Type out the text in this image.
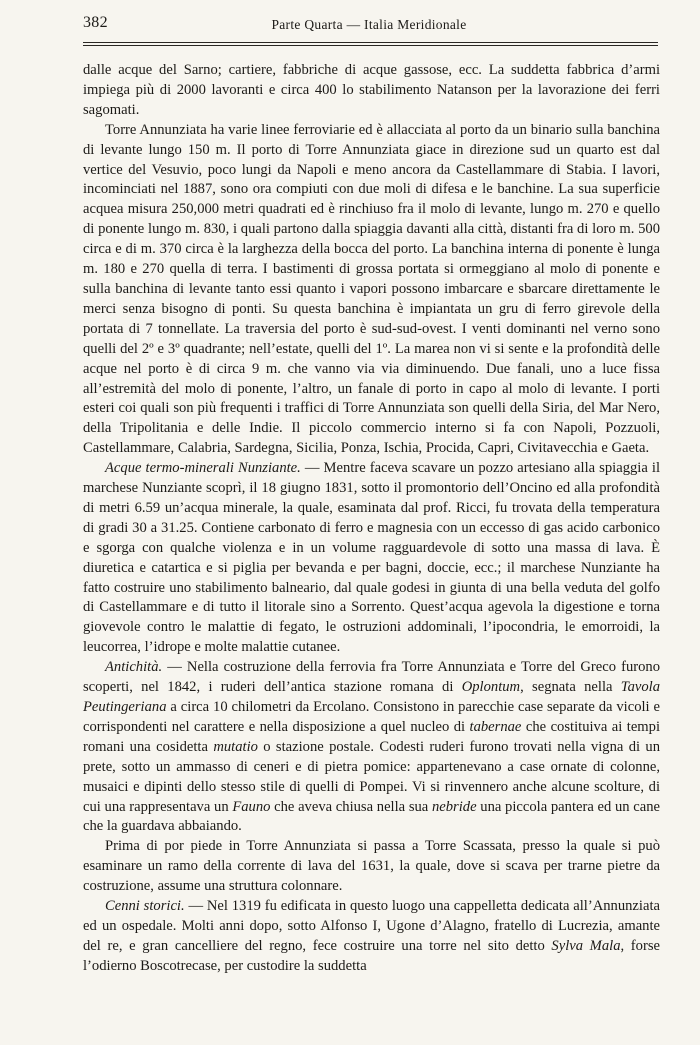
382	Parte Quarta — Italia Meridionale

dalle acque del Sarno; cartiere, fabbriche di acque gassose, ecc. La suddetta fabbrica d’armi impiega più di 2000 lavoranti e circa 400 lo stabilimento Natanson per la lavorazione dei ferri sagomati.

Torre Annunziata ha varie linee ferroviarie ed è allacciata al porto da un binario sulla banchina di levante lungo 150 m. Il porto di Torre Annunziata giace in direzione sud un quarto est dal vertice del Vesuvio, poco lungi da Napoli e meno ancora da Castellammare di Stabia. I lavori, incominciati nel 1887, sono ora compiuti con due moli di difesa e le banchine. La sua superficie acquea misura 250,000 metri quadrati ed è rinchiuso fra il molo di levante, lungo m. 270 e quello di ponente lungo m. 830, i quali partono dalla spiaggia davanti alla città, distanti fra di loro m. 500 circa e di m. 370 circa è la larghezza della bocca del porto. La banchina interna di ponente è lunga m. 180 e 270 quella di terra. I bastimenti di grossa portata si ormeggiano al molo di ponente e sulla banchina di levante tanto essi quanto i vapori possono imbarcare e sbarcare direttamente le merci senza bisogno di ponti. Su questa banchina è impiantata un gru di ferro girevole della portata di 7 tonnellate. La traversia del porto è sud-sud-ovest. I venti dominanti nel verno sono quelli del 2º e 3º quadrante; nell’estate, quelli del 1º. La marea non vi si sente e la profondità delle acque nel porto è di circa 9 m. che vanno via via diminuendo. Due fanali, uno a luce fissa all’estremità del molo di ponente, l’altro, un fanale di porto in capo al molo di levante. I porti esteri coi quali son più frequenti i traffici di Torre Annunziata son quelli della Siria, del Mar Nero, della Tripolitania e delle Indie. Il piccolo commercio interno si fa con Napoli, Pozzuoli, Castellammare, Calabria, Sardegna, Sicilia, Ponza, Ischia, Procida, Capri, Civitavecchia e Gaeta.

Acque termo-minerali Nunziante. — Mentre faceva scavare un pozzo artesiano alla spiaggia il marchese Nunziante scoprì, il 18 giugno 1831, sotto il promontorio dell’Oncino ed alla profondità di metri 6.59 un’acqua minerale, la quale, esaminata dal prof. Ricci, fu trovata della temperatura di gradi 30 a 31.25. Contiene carbonato di ferro e magnesia con un eccesso di gas acido carbonico e sgorga con qualche violenza e in un volume ragguardevole di sotto una massa di lava. È diuretica e catartica e si piglia per bevanda e per bagni, doccie, ecc.; il marchese Nunziante ha fatto costruire uno stabilimento balneario, dal quale godesi in giunta di una bella veduta del golfo di Castellammare e di tutto il litorale sino a Sorrento. Quest’acqua agevola la digestione e torna giovevole contro le malattie di fegato, le ostruzioni addominali, l’ipocondria, le emorroidi, la leucorrea, l’idrope e molte malattie cutanee.

Antichità. — Nella costruzione della ferrovia fra Torre Annunziata e Torre del Greco furono scoperti, nel 1842, i ruderi dell’antica stazione romana di Oplontum, segnata nella Tavola Peutingeriana a circa 10 chilometri da Ercolano. Consistono in parecchie case separate da vicoli e corrispondenti nel carattere e nella disposizione a quel nucleo di tabernae che costituiva ai tempi romani una cosidetta mutatio o stazione postale. Codesti ruderi furono trovati nella vigna di un prete, sotto un ammasso di ceneri e di pietra pomice: appartenevano a case ornate di colonne, musaici e dipinti dello stesso stile di quelli di Pompei. Vi si rinvennero anche alcune scolture, di cui una rappresentava un Fauno che aveva chiusa nella sua nebride una piccola pantera ed un cane che la guardava abbaiando.

Prima di por piede in Torre Annunziata si passa a Torre Scassata, presso la quale si può esaminare un ramo della corrente di lava del 1631, la quale, dove si scava per trarne pietre da costruzione, assume una struttura colonnare.

Cenni storici. — Nel 1319 fu edificata in questo luogo una cappelletta dedicata all’Annunziata ed un ospedale. Molti anni dopo, sotto Alfonso I, Ugone d’Alagno, fratello di Lucrezia, amante del re, e gran cancelliere del regno, fece costruire una torre nel sito detto Sylva Mala, forse l’odierno Boscotrecase, per custodire la suddetta
